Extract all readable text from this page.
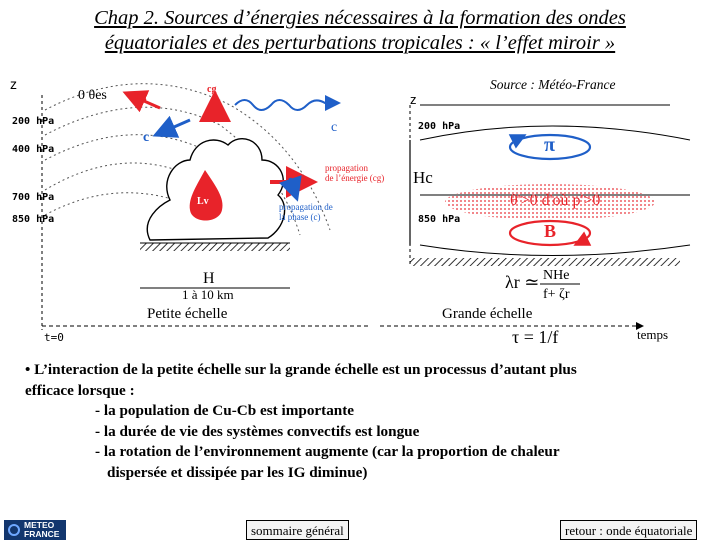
Chap 2. Sources d’énergies nécessaires à la formation des ondes
équatoriales et des perturbations tropicales : « l’effet miroir »
Source : Météo-France
z
200 hPa
400 hPa
700 hPa
850 hPa
0 θes cg	cg
c
c
propagation
de l’énergie (cg)
propagation de
la phase (c)
Lv
H
1 à 10 km
Petite échelle
t=0
z
200 hPa
850 hPa
π
Hc
θ'>0 d'où p'>0
B
λr ≃ NHe
f+ ζr
Grande échelle
τ = 1/f	temps
• L’interaction de la petite échelle sur la grande échelle est un processus d’autant plus
efficace lorsque :
- la population de Cu-Cb est importante
- la durée de vie des systèmes convectifs est longue
- la rotation de l’environnement augmente (car la proportion de chaleur
dispersée et dissipée par les IG diminue)
METEO FRANCE	sommaire général	retour : onde équatoriale
